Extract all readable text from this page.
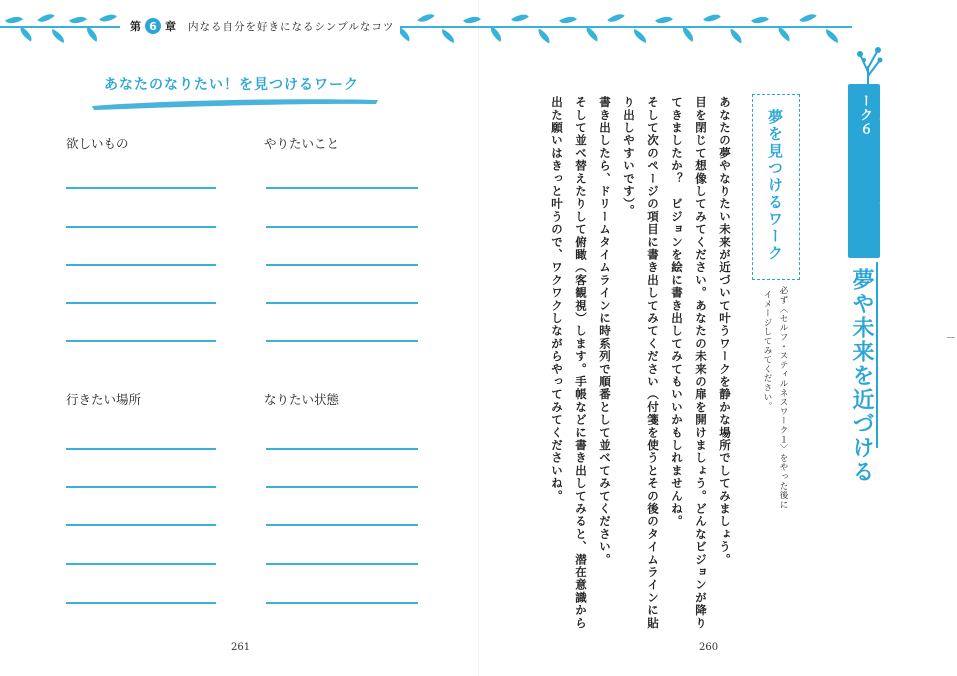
第 6 章 内なる自分を好きになるシンプルなコツ
あなたのなりたい！を見つけるワーク
欲しいもの	やりたいこと
行きたい場所	なりたい状態
261
セルフ・スティルネスワーク６
夢や未来を近づける
必ず〈セルフ・スティルネスワーク１〉をやった後に
イメージしてみてください。
夢を見つけるワーク
あなたの夢やなりたい未来が近づいて叶うワークを静かな場所でしてみましょう。
目を閉じて想像してみてください。あなたの未来の扉を開けましょう。どんなビジョンが降り
てきましたか？　ビジョンを絵に書き出してみてもいいかもしれませんね。
そして次のページの項目に書き出してみてください（付箋を使うとその後のタイムラインに貼
り出しやすいです）。
書き出したら、ドリームタイムラインに時系列で順番として並べてみてください。
そして並べ替えたりして俯瞰（客観視）します。手帳などに書き出してみると、潜在意識から
出た願いはきっと叶うので、ワクワクしながらやってみてくださいね。
260
